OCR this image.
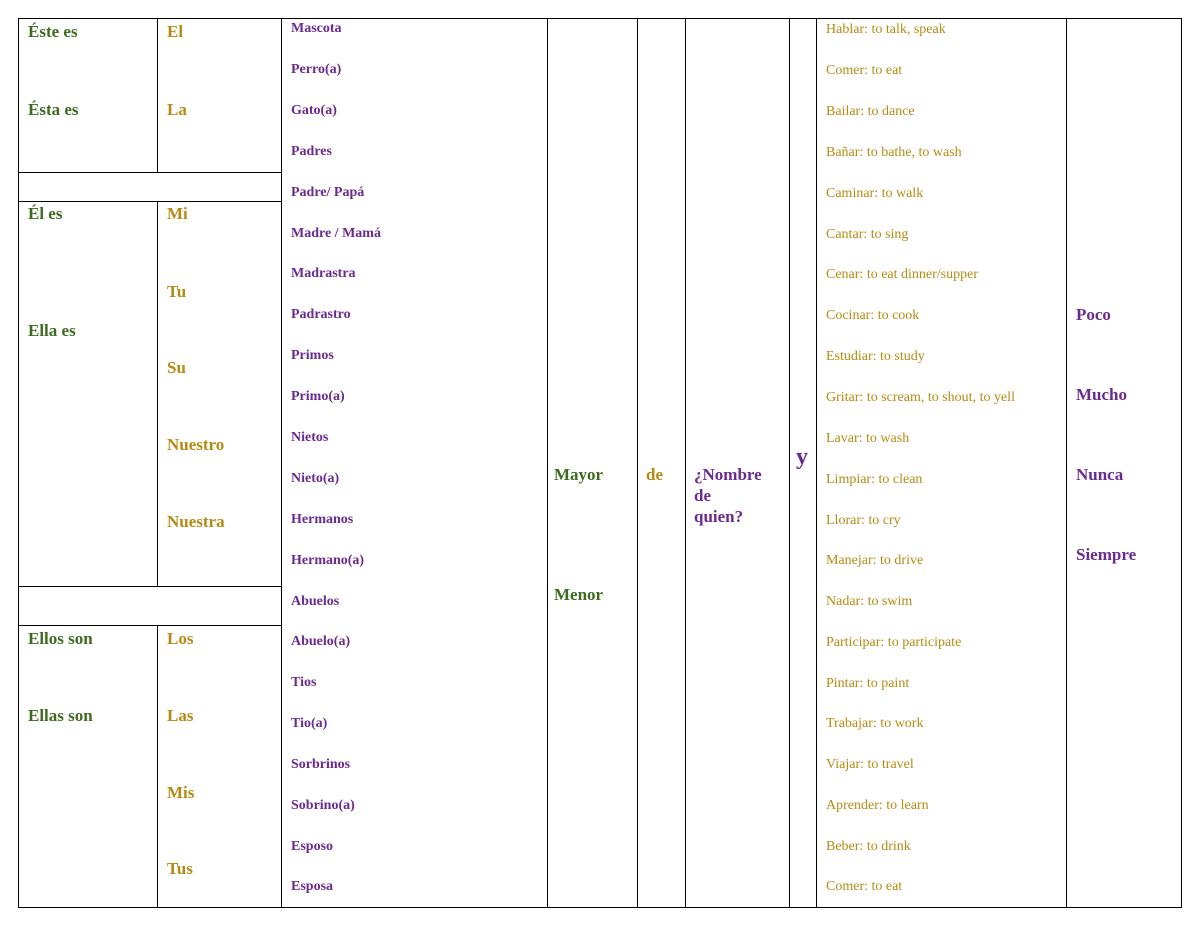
Éste es
Ésta es
Él es
Ella es
Ellos son
Ellas son
El
La
Mi
Tu
Su
Nuestro
Nuestra
Los
Las
Mis
Tus
Mascota
Perro(a)
Gato(a)
Padres
Padre/ Papá
Madre / Mamá
Madrastra
Padrastro
Primos
Primo(a)
Nietos
Nieto(a)
Hermanos
Hermano(a)
Abuelos
Abuelo(a)
Tios
Tio(a)
Sorbrinos
Sobrino(a)
Esposo
Esposa
Mayor
Menor
de ¿Nombre
de
quien?
y
Hablar: to talk, speak
Comer: to eat
Bailar: to dance
Bañar: to bathe, to wash
Caminar: to walk
Cantar: to sing
Cenar: to eat dinner/supper
Cocinar: to cook
Estudiar: to study
Gritar: to scream, to shout, to yell
Lavar: to wash
Limpiar: to clean
Llorar: to cry
Manejar: to drive
Nadar: to swim
Participar: to participate
Pintar: to paint
Trabajar: to work
Viajar: to travel
Aprender: to learn
Beber: to drink
Comer: to eat
Poco
Mucho
Nunca
Siempre
